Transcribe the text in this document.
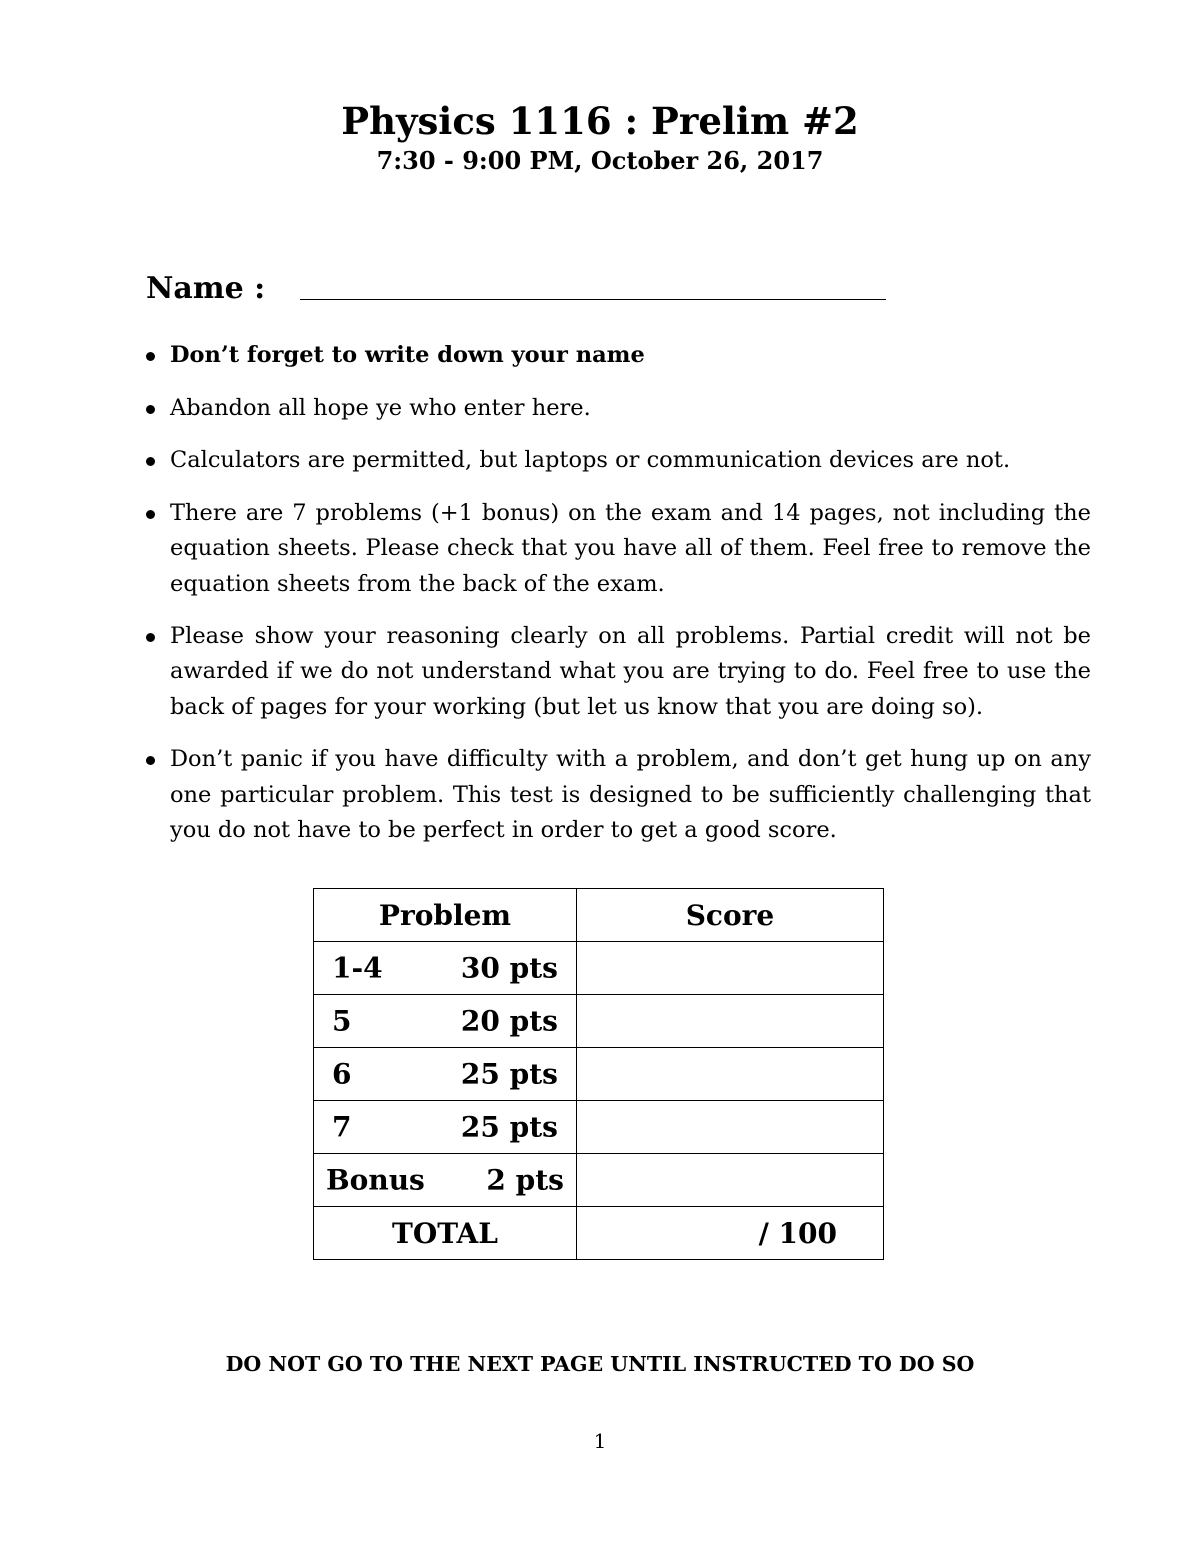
Physics 1116 : Prelim #2
7:30 - 9:00 PM, October 26, 2017
Name :
Don’t forget to write down your name
Abandon all hope ye who enter here.
Calculators are permitted, but laptops or communication devices are not.
There are 7 problems (+1 bonus) on the exam and 14 pages, not including the equation sheets. Please check that you have all of them. Feel free to remove the equation sheets from the back of the exam.
Please show your reasoning clearly on all problems. Partial credit will not be awarded if we do not understand what you are trying to do. Feel free to use the back of pages for your working (but let us know that you are doing so).
Don’t panic if you have difficulty with a problem, and don’t get hung up on any one particular problem. This test is designed to be sufficiently challenging that you do not have to be perfect in order to get a good score.
Problem	Score

1-4 30 pts	

5 20 pts	

6 25 pts	

7 25 pts	

Bonus 2 pts	

TOTAL	/ 100
DO NOT GO TO THE NEXT PAGE UNTIL INSTRUCTED TO DO SO
1
